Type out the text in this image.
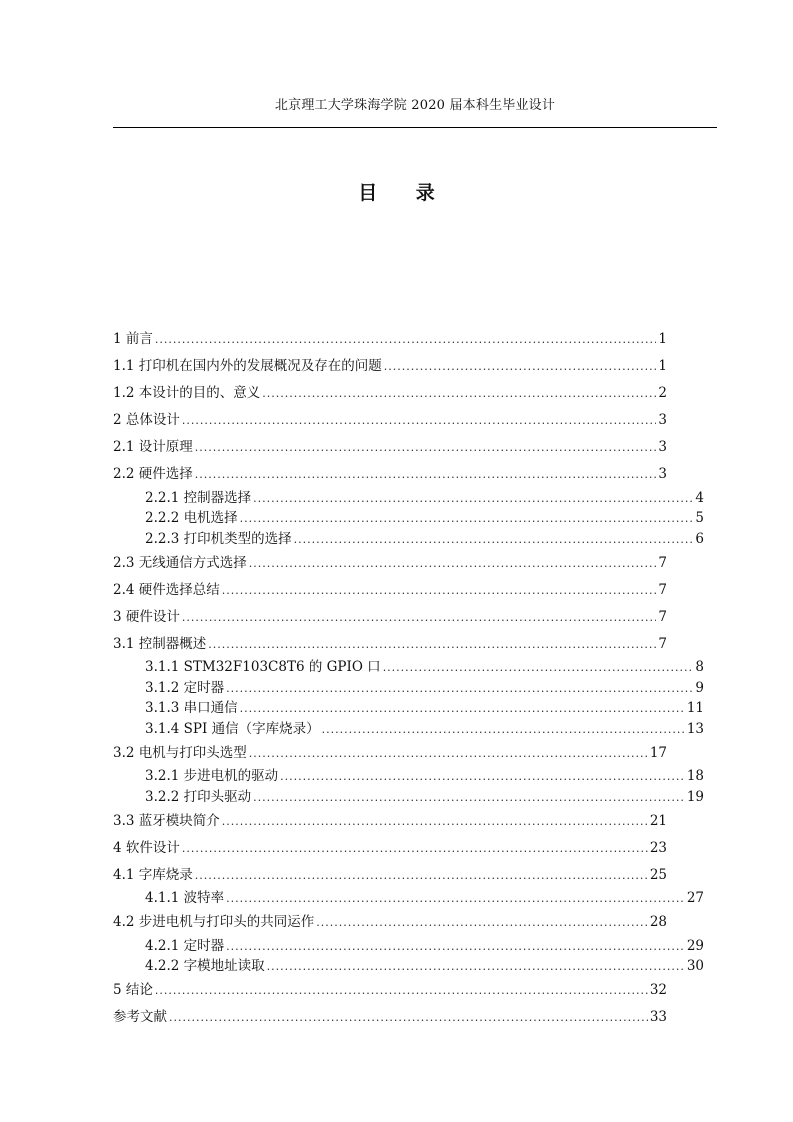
北京理工大学珠海学院 2020 届本科生毕业设计
目 录
1 前言 .....	1
1.1 打印机在国内外的发展概况及存在的问题 .....	1
1.2 本设计的目的、意义 .....	2
2 总体设计 .....	3
2.1 设计原理 .....	3
2.2 硬件选择 .....	3
2.2.1 控制器选择 .....	4
2.2.2 电机选择 .....	5
2.2.3 打印机类型的选择 .....	6
2.3 无线通信方式选择 .....	7
2.4 硬件选择总结 .....	7
3 硬件设计 .....	7
3.1 控制器概述 .....	7
3.1.1 STM32F103C8T6 的 GPIO 口 .....	8
3.1.2 定时器 .....	9
3.1.3 串口通信 .....	11
3.1.4 SPI 通信（字库烧录） .....	13
3.2 电机与打印头选型 .....	17
3.2.1 步进电机的驱动 .....	18
3.2.2 打印头驱动 .....	19
3.3 蓝牙模块简介 .....	21
4 软件设计 .....	23
4.1 字库烧录 .....	25
4.1.1 波特率 .....	27
4.2 步进电机与打印头的共同运作 .....	28
4.2.1 定时器 .....	29
4.2.2 字模地址读取 .....	30
5 结论 .....	32
参考文献 .....	33
